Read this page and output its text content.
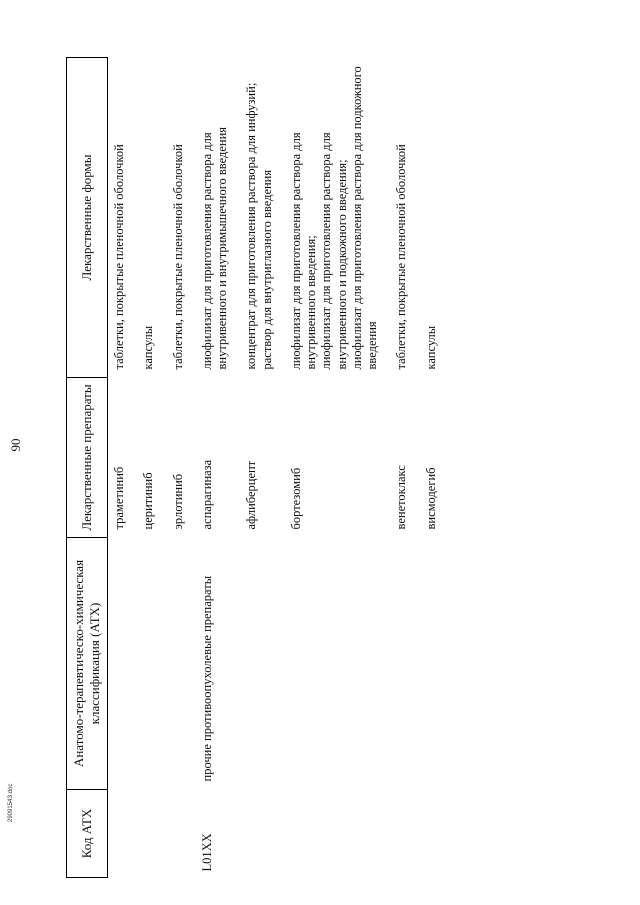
90
Код АТХ	Анатомо-терапевтическо-химическая классификация (АТХ)	Лекарственные препараты	Лекарственные формы
		траметиниб	таблетки, покрытые пленочной оболочкой

		церитиниб	капсулы

		эрлотиниб	таблетки, покрытые пленочной оболочкой

L01XX	прочие противоопухолевые препараты	аспарагиназа	лиофилизат для приготовления раствора для внутривенного и внутримышечного введения

		афлиберцепт	концентрат для приготовления раствора для инфузий; раствор для внутриглазного введения

		бортезомиб	лиофилизат для приготовления раствора для внутривенного введения; лиофилизат для приготовления раствора для внутривенного и подкожного введения; лиофилизат для приготовления раствора для подкожного введения

		венетоклакс	таблетки, покрытые пленочной оболочкой

		висмодегиб	капсулы
2909154З.doc
